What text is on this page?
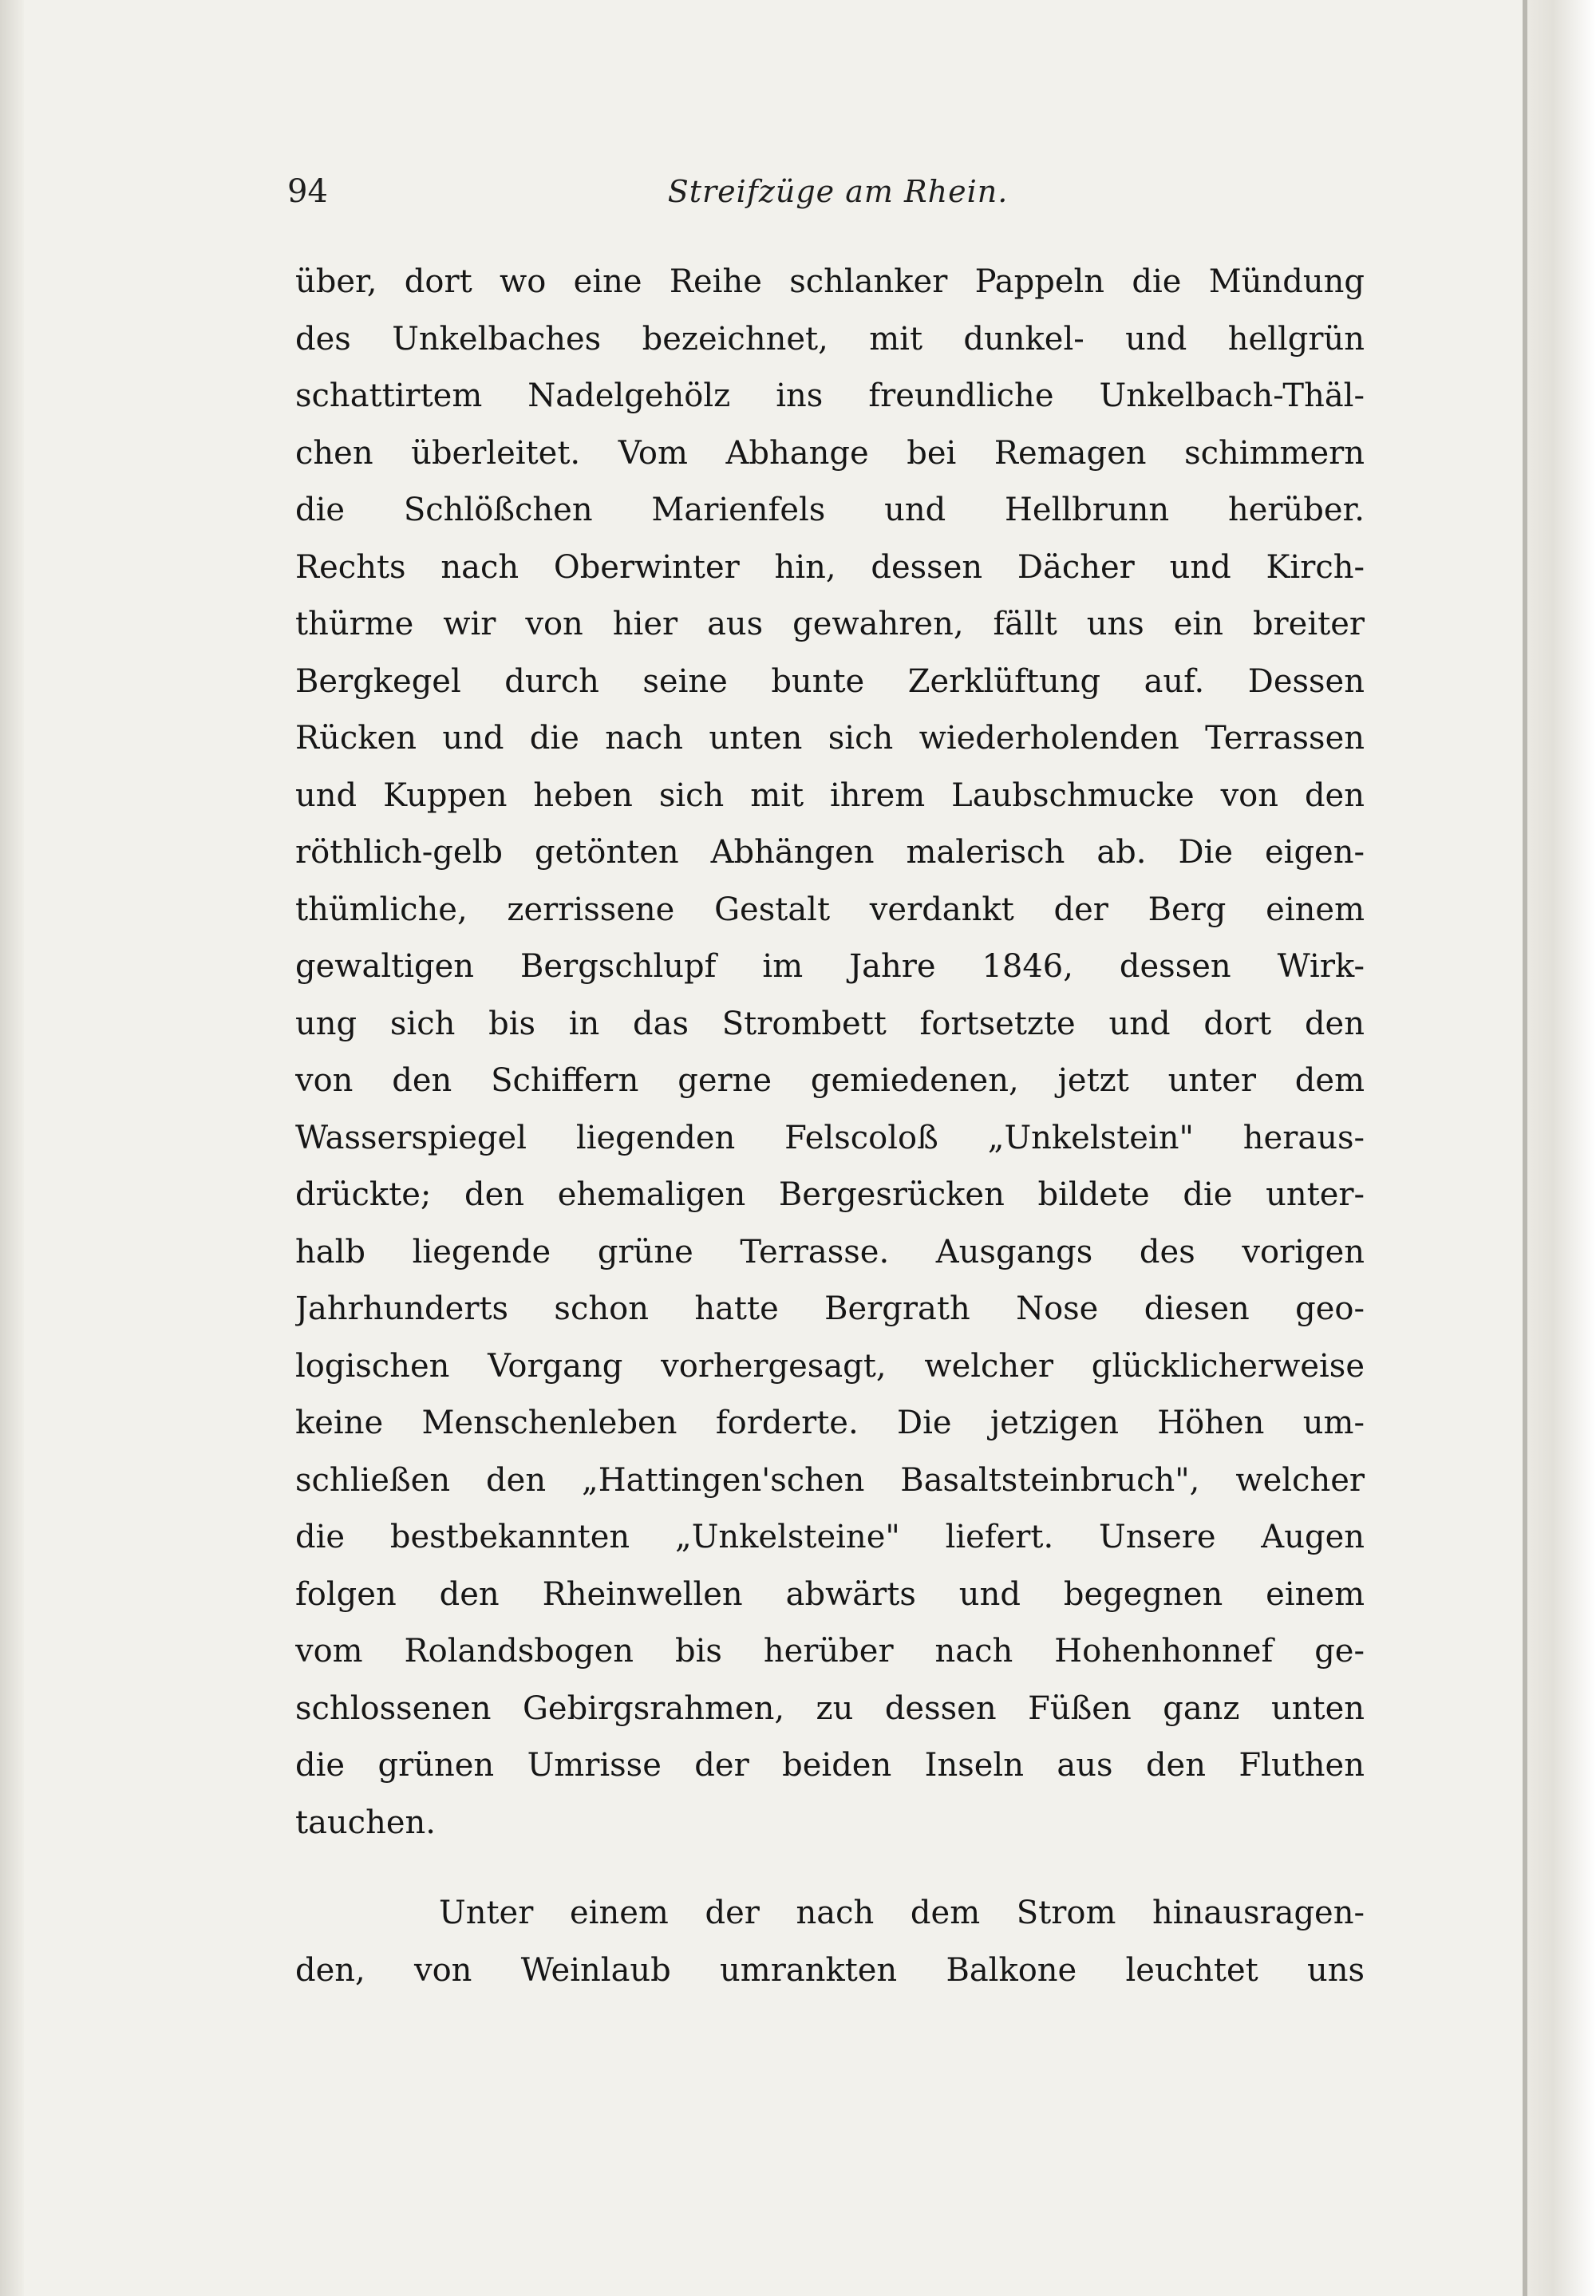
94	Streifzüge am Rhein.
über, dort wo eine Reihe schlanker Pappeln die Mündung
des Unkelbaches bezeichnet, mit dunkel- und hellgrün
schattirtem Nadelgehölz ins freundliche Unkelbach-Thäl-
chen überleitet. Vom Abhange bei Remagen schimmern
die Schlößchen Marienfels und Hellbrunn herüber.
Rechts nach Oberwinter hin, dessen Dächer und Kirch-
thürme wir von hier aus gewahren, fällt uns ein breiter
Bergkegel durch seine bunte Zerklüftung auf. Dessen
Rücken und die nach unten sich wiederholenden Terrassen
und Kuppen heben sich mit ihrem Laubschmucke von den
röthlich-gelb getönten Abhängen malerisch ab. Die eigen-
thümliche, zerrissene Gestalt verdankt der Berg einem
gewaltigen Bergschlupf im Jahre 1846, dessen Wirk-
ung sich bis in das Strombett fortsetzte und dort den
von den Schiffern gerne gemiedenen, jetzt unter dem
Wasserspiegel liegenden Felscoloß „Unkelstein" heraus-
drückte; den ehemaligen Bergesrücken bildete die unter-
halb liegende grüne Terrasse. Ausgangs des vorigen
Jahrhunderts schon hatte Bergrath Nose diesen geo-
logischen Vorgang vorhergesagt, welcher glücklicherweise
keine Menschenleben forderte. Die jetzigen Höhen um-
schließen den „Hattingen'schen Basaltsteinbruch", welcher
die bestbekannten „Unkelsteine" liefert. Unsere Augen
folgen den Rheinwellen abwärts und begegnen einem
vom Rolandsbogen bis herüber nach Hohenhonnef ge-
schlossenen Gebirgsrahmen, zu dessen Füßen ganz unten
die grünen Umrisse der beiden Inseln aus den Fluthen
tauchen.
Unter einem der nach dem Strom hinausragen-
den, von Weinlaub umrankten Balkone leuchtet uns
